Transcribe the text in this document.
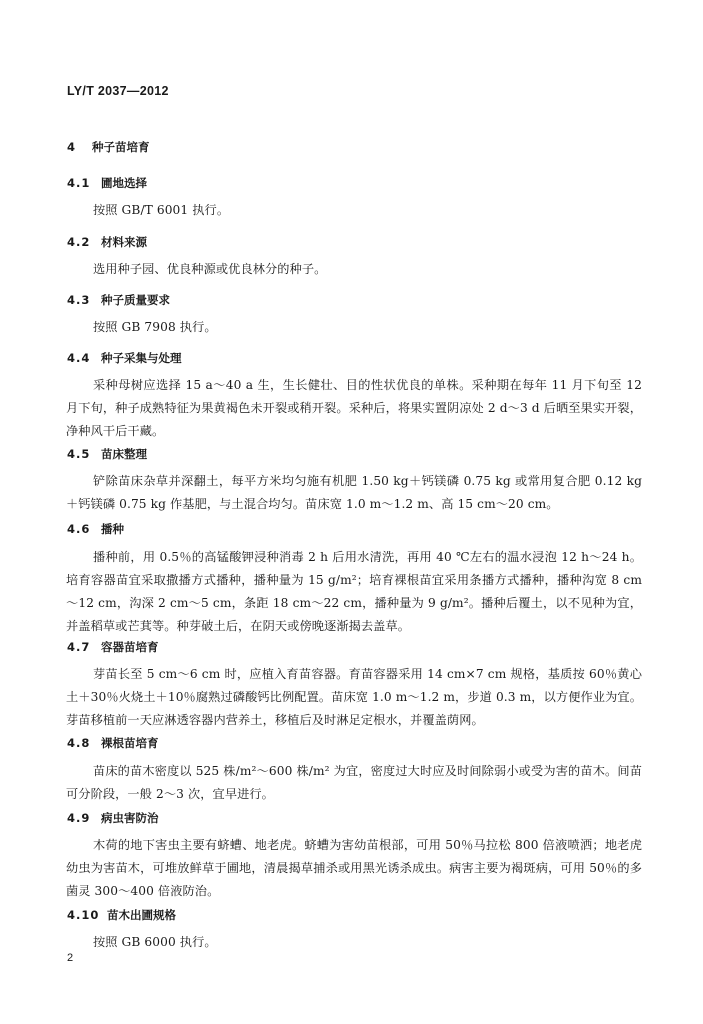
LY/T 2037—2012
4 种子苗培育
4.1 圃地选择
按照 GB/T 6001 执行。
4.2 材料来源
选用种子园、优良种源或优良林分的种子。
4.3 种子质量要求
按照 GB 7908 执行。
4.4 种子采集与处理
采种母树应选择 15 a～40 a 生，生长健壮、目的性状优良的单株。采种期在每年 11 月下旬至 12 月下旬，种子成熟特征为果黄褐色未开裂或稍开裂。采种后，将果实置阴凉处 2 d～3 d 后晒至果实开裂，净种风干后干藏。
4.5 苗床整理
铲除苗床杂草并深翻土，每平方米均匀施有机肥 1.50 kg＋钙镁磷 0.75 kg 或常用复合肥 0.12 kg＋钙镁磷 0.75 kg 作基肥，与土混合均匀。苗床宽 1.0 m～1.2 m、高 15 cm～20 cm。
4.6 播种
播种前，用 0.5％的高锰酸钾浸种消毒 2 h 后用水清洗，再用 40 ℃左右的温水浸泡 12 h～24 h。培育容器苗宜采取撒播方式播种，播种量为 15 g/m²；培育裸根苗宜采用条播方式播种，播种沟宽 8 cm～12 cm，沟深 2 cm～5 cm，条距 18 cm～22 cm，播种量为 9 g/m²。播种后覆土，以不见种为宜，并盖稻草或芒萁等。种芽破土后，在阴天或傍晚逐渐揭去盖草。
4.7 容器苗培育
芽苗长至 5 cm～6 cm 时，应植入育苗容器。育苗容器采用 14 cm×7 cm 规格，基质按 60％黄心土＋30％火烧土＋10％腐熟过磷酸钙比例配置。苗床宽 1.0 m～1.2 m，步道 0.3 m，以方便作业为宜。芽苗移植前一天应淋透容器内营养土，移植后及时淋足定根水，并覆盖荫网。
4.8 裸根苗培育
苗床的苗木密度以 525 株/m²～600 株/m² 为宜，密度过大时应及时间除弱小或受为害的苗木。间苗可分阶段，一般 2～3 次，宜早进行。
4.9 病虫害防治
木荷的地下害虫主要有蛴螬、地老虎。蛴螬为害幼苗根部，可用 50％马拉松 800 倍液喷洒；地老虎幼虫为害苗木，可堆放鲜草于圃地，清晨揭草捕杀或用黑光诱杀成虫。病害主要为褐斑病，可用 50％的多菌灵 300～400 倍液防治。
4.10 苗木出圃规格
按照 GB 6000 执行。
2
